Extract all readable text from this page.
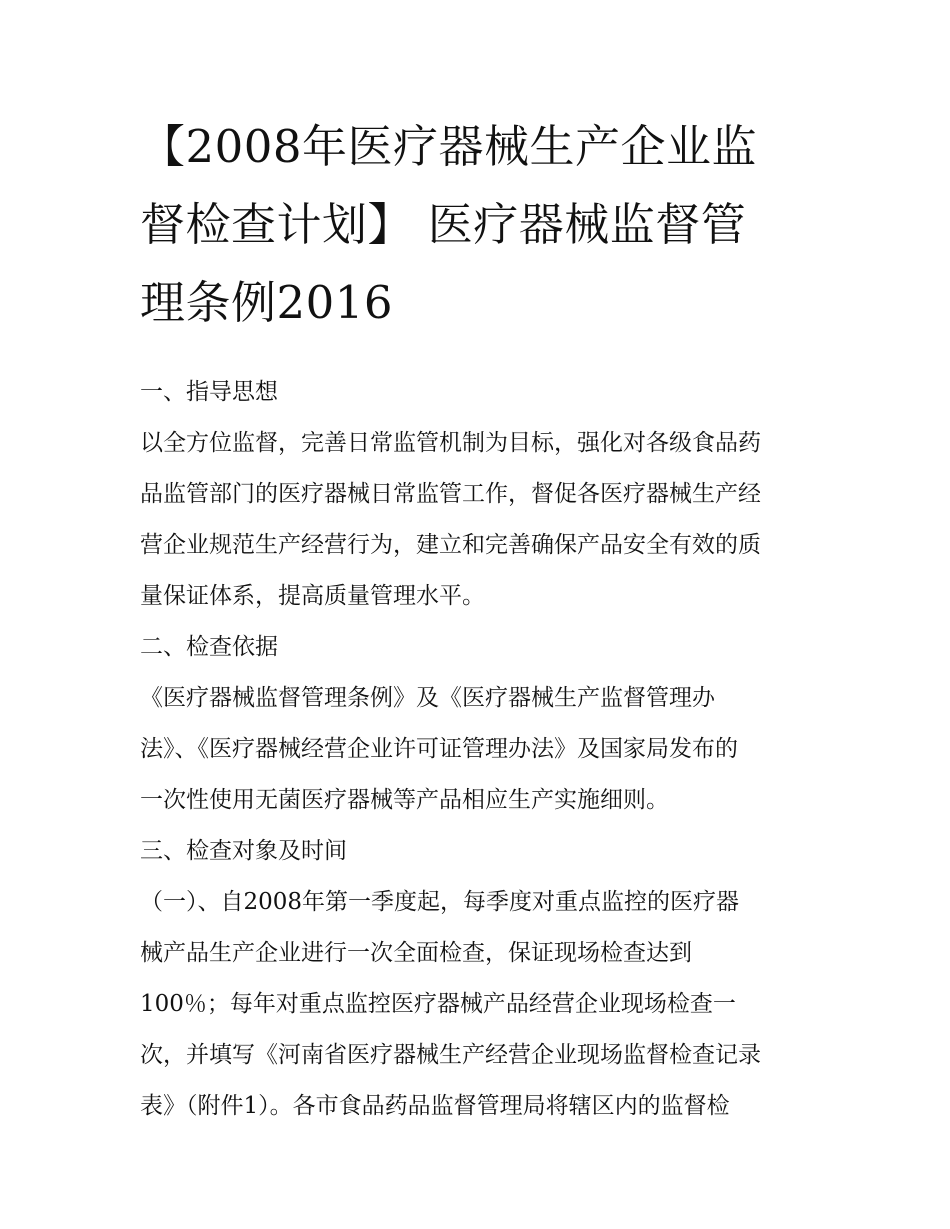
【2008年医疗器械生产企业监
督检查计划】 医疗器械监督管
理条例2016
一、指导思想
以全方位监督，完善日常监管机制为目标，强化对各级食品药
品监管部门的医疗器械日常监管工作，督促各医疗器械生产经
营企业规范生产经营行为，建立和完善确保产品安全有效的质
量保证体系，提高质量管理水平。
二、检查依据
《医疗器械监督管理条例》及《医疗器械生产监督管理办
法》、《医疗器械经营企业许可证管理办法》及国家局发布的
一次性使用无菌医疗器械等产品相应生产实施细则。
三、检查对象及时间
（一）、自2008年第一季度起，每季度对重点监控的医疗器
械产品生产企业进行一次全面检查，保证现场检查达到
100％；每年对重点监控医疗器械产品经营企业现场检查一
次，并填写《河南省医疗器械生产经营企业现场监督检查记录
表》（附件1）。各市食品药品监督管理局将辖区内的监督检
